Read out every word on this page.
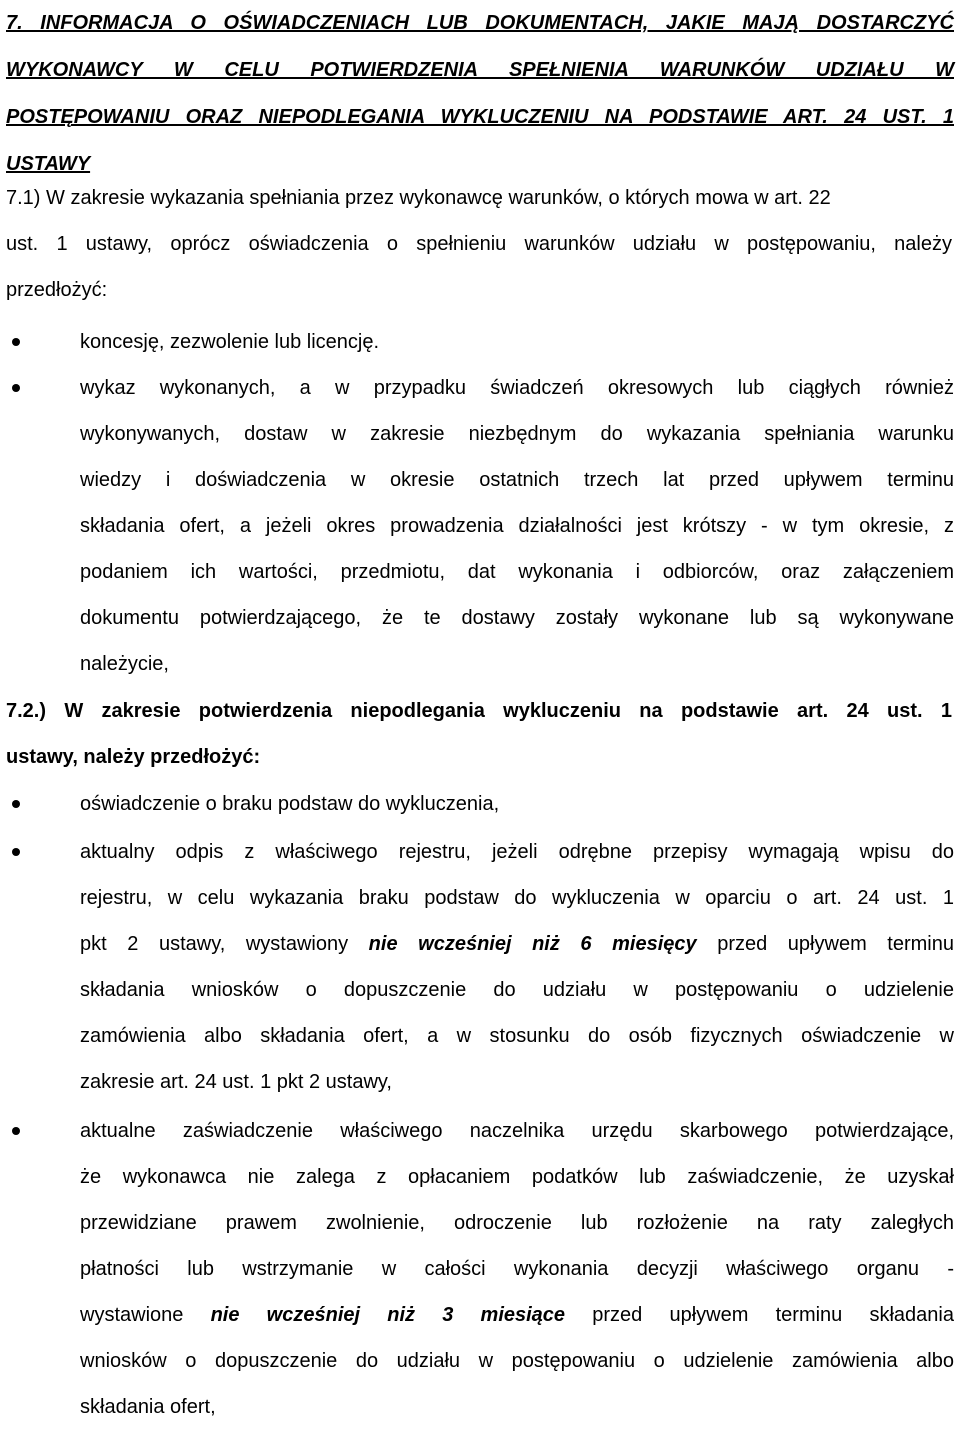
7. INFORMACJA O OŚWIADCZENIACH LUB DOKUMENTACH, JAKIE MAJĄ DOSTARCZYĆ
WYKONAWCY W CELU POTWIERDZENIA SPEŁNIENIA WARUNKÓW UDZIAŁU W
POSTĘPOWANIU ORAZ NIEPODLEGANIA WYKLUCZENIU NA PODSTAWIE ART. 24 UST. 1
USTAWY
7.1) W zakresie wykazania spełniania przez wykonawcę warunków, o których mowa w art. 22
ust. 1 ustawy, oprócz oświadczenia o spełnieniu warunków udziału w postępowaniu, należy
przedłożyć:
koncesję, zezwolenie lub licencję.
wykaz wykonanych, a w przypadku świadczeń okresowych lub ciągłych również
wykonywanych, dostaw w zakresie niezbędnym do wykazania spełniania warunku
wiedzy i doświadczenia w okresie ostatnich trzech lat przed upływem terminu
składania ofert, a jeżeli okres prowadzenia działalności jest krótszy - w tym okresie, z
podaniem ich wartości, przedmiotu, dat wykonania i odbiorców, oraz załączeniem
dokumentu potwierdzającego, że te dostawy zostały wykonane lub są wykonywane
należycie,
7.2.) W zakresie potwierdzenia niepodlegania wykluczeniu na podstawie art. 24 ust. 1
ustawy, należy przedłożyć:
oświadczenie o braku podstaw do wykluczenia,
aktualny odpis z właściwego rejestru, jeżeli odrębne przepisy wymagają wpisu do
rejestru, w celu wykazania braku podstaw do wykluczenia w oparciu o art. 24 ust. 1
pkt 2 ustawy, wystawiony nie wcześniej niż 6 miesięcy przed upływem terminu
składania wniosków o dopuszczenie do udziału w postępowaniu o udzielenie
zamówienia albo składania ofert, a w stosunku do osób fizycznych oświadczenie w
zakresie art. 24 ust. 1 pkt 2 ustawy,
aktualne zaświadczenie właściwego naczelnika urzędu skarbowego potwierdzające,
że wykonawca nie zalega z opłacaniem podatków lub zaświadczenie, że uzyskał
przewidziane prawem zwolnienie, odroczenie lub rozłożenie na raty zaległych
płatności lub wstrzymanie w całości wykonania decyzji właściwego organu -
wystawione nie wcześniej niż 3 miesiące przed upływem terminu składania
wniosków o dopuszczenie do udziału w postępowaniu o udzielenie zamówienia albo
składania ofert,
